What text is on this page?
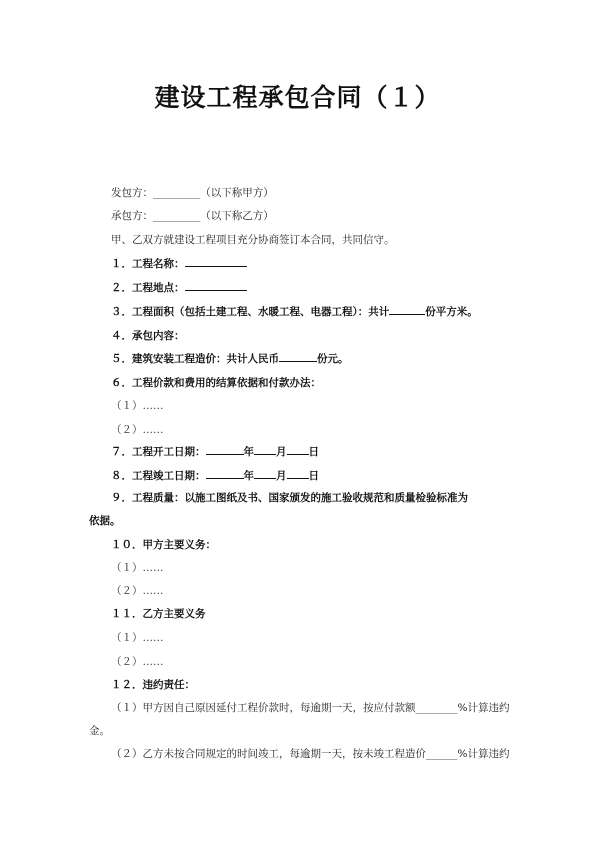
建设工程承包合同（１）
发包方：_________（以下称甲方）
承包方：_________（以下称乙方）
甲、乙双方就建设工程项目充分协商签订本合同，共同信守。
１．工程名称：
２．工程地点：
３．工程面积（包括土建工程、水暖工程、电器工程）：共计	份平方米。
４．承包内容：
５．建筑安装工程造价：共计人民币	份元。
６．工程价款和费用的结算依据和付款办法：
（１）……
（２）……
７．工程开工日期：	年 月 日
８．工程竣工日期：	年 月 日
９．工程质量：以施工图纸及书、国家颁发的施工验收规范和质量检验标准为
依据。
１０．甲方主要义务：
（１）……
（２）……
１１．乙方主要义务
（１）……
（２）……
１２．违约责任：
（１）甲方因自己原因延付工程价款时，每逾期一天，按应付款额________%计算违约
金。
（２）乙方未按合同规定的时间竣工，每逾期一天，按未竣工程造价______%计算违约
